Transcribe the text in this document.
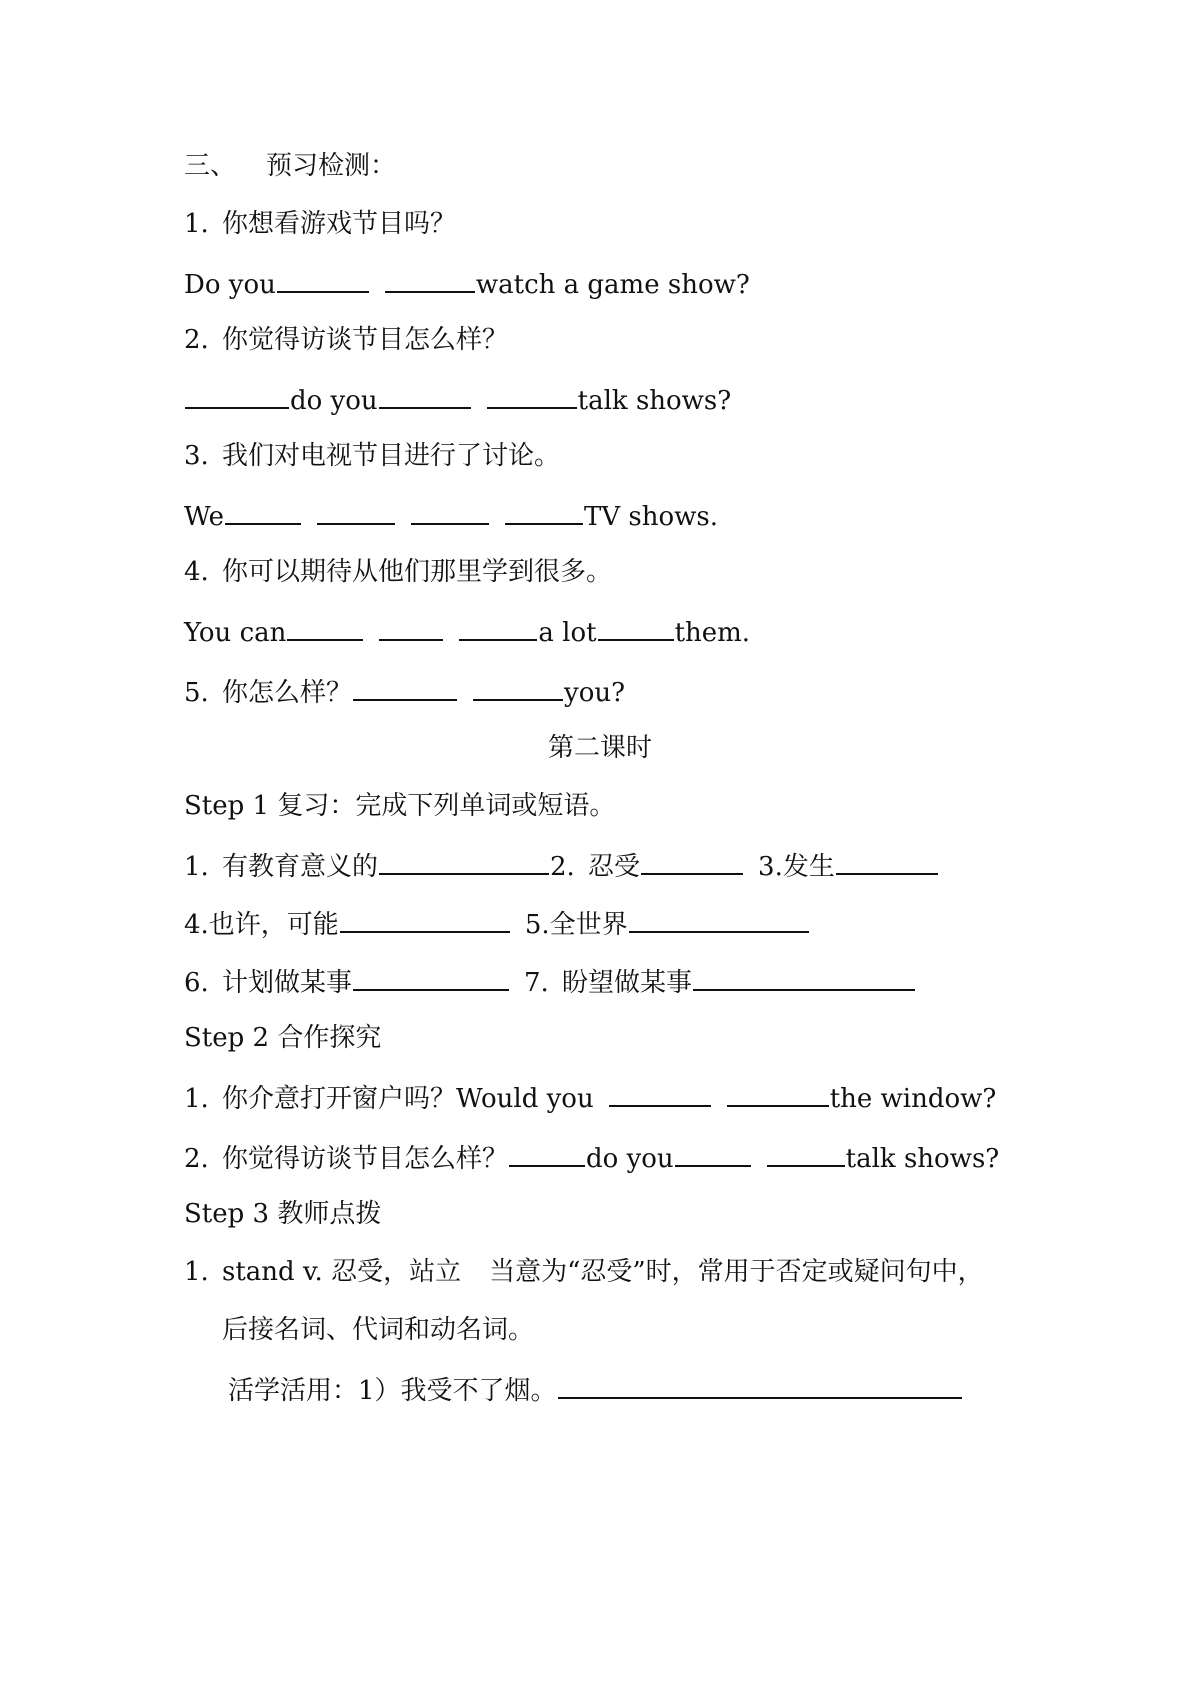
三、 预习检测：
1. 你想看游戏节目吗？
Do you	watch a game show?
2. 你觉得访谈节目怎么样？
do you	talk shows?
3. 我们对电视节目进行了讨论。
We	TV shows.
4. 你可以期待从他们那里学到很多。
You can	a lot	them.
5. 你怎么样？	you?
第二课时
Step 1 复习：完成下列单词或短语。
1. 有教育意义的	2. 忍受	3.发生
4.也许，可能	5.全世界
6. 计划做某事	7. 盼望做某事
Step 2 合作探究
1. 你介意打开窗户吗？Would you	the window?
2. 你觉得访谈节目怎么样？	do you	talk shows?
Step 3 教师点拨
1. stand v. 忍受，站立 当意为“忍受”时，常用于否定或疑问句中，
后接名词、代词和动名词。
活学活用：1）我受不了烟。
